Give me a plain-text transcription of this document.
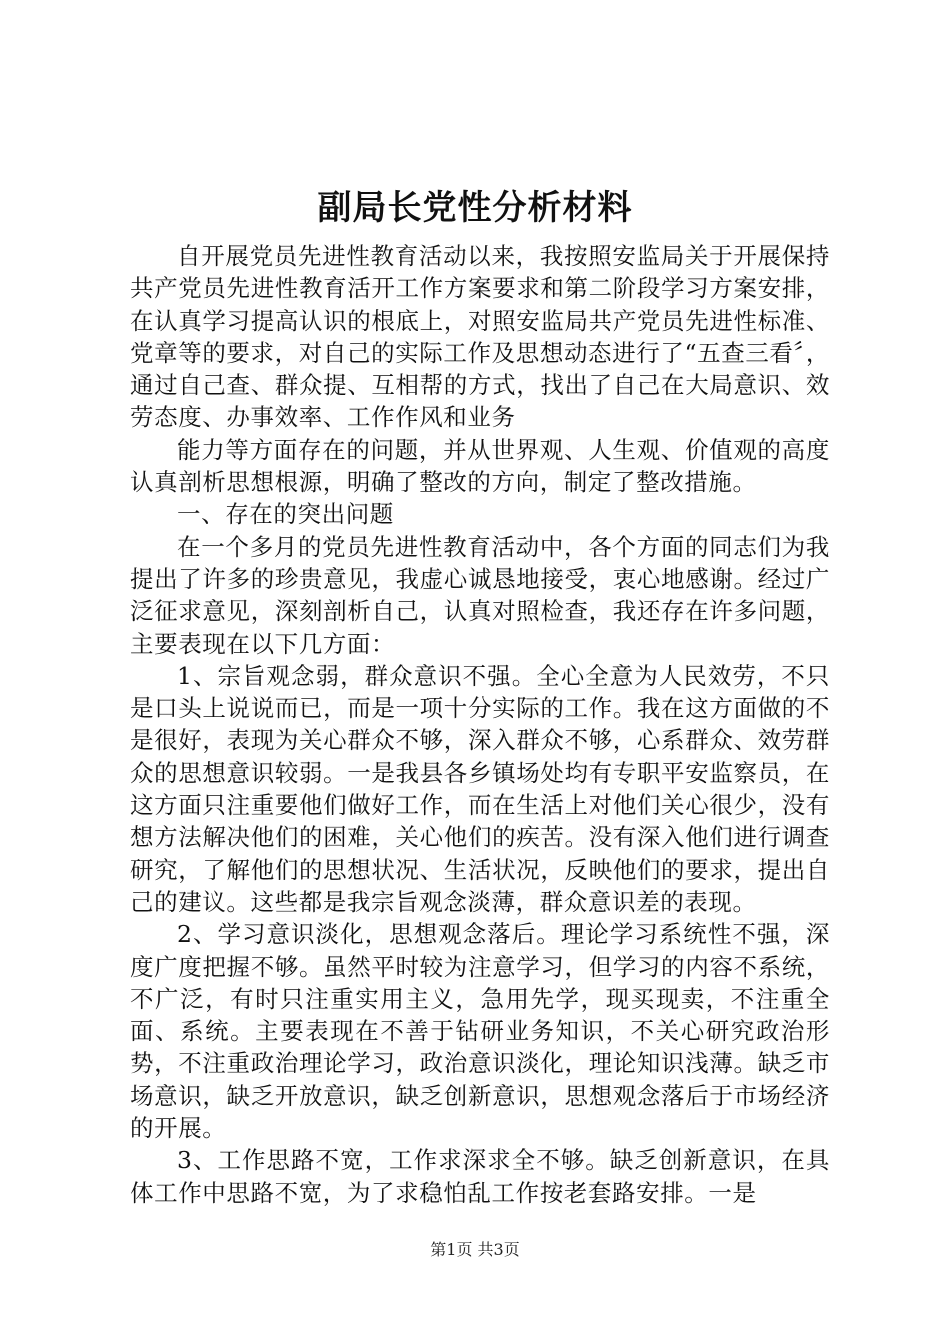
副局长党性分析材料

自开展党员先进性教育活动以来，我按照安监局关于开展保持共产党员先进性教育活开工作方案要求和第二阶段学习方案安排，在认真学习提高认识的根底上，对照安监局共产党员先进性标准、党章等的要求，对自己的实际工作及思想动态进行了“五查三看〞，通过自己查、群众提、互相帮的方式，找出了自己在大局意识、效劳态度、办事效率、工作作风和业务

能力等方面存在的问题，并从世界观、人生观、价值观的高度认真剖析思想根源，明确了整改的方向，制定了整改措施。

一、存在的突出问题

在一个多月的党员先进性教育活动中，各个方面的同志们为我提出了许多的珍贵意见，我虚心诚恳地接受，衷心地感谢。经过广泛征求意见，深刻剖析自己，认真对照检查，我还存在许多问题，主要表现在以下几方面：

1、宗旨观念弱，群众意识不强。全心全意为人民效劳，不只是口头上说说而已，而是一项十分实际的工作。我在这方面做的不是很好，表现为关心群众不够，深入群众不够，心系群众、效劳群众的思想意识较弱。一是我县各乡镇场处均有专职平安监察员，在这方面只注重要他们做好工作，而在生活上对他们关心很少，没有想方法解决他们的困难，关心他们的疾苦。没有深入他们进行调查研究，了解他们的思想状况、生活状况，反映他们的要求，提出自己的建议。这些都是我宗旨观念淡薄，群众意识差的表现。

2、学习意识淡化，思想观念落后。理论学习系统性不强，深度广度把握不够。虽然平时较为注意学习，但学习的内容不系统，不广泛，有时只注重实用主义，急用先学，现买现卖，不注重全面、系统。主要表现在不善于钻研业务知识，不关心研究政治形势，不注重政治理论学习，政治意识淡化，理论知识浅薄。缺乏市场意识，缺乏开放意识，缺乏创新意识，思想观念落后于市场经济的开展。

3、工作思路不宽，工作求深求全不够。缺乏创新意识，在具体工作中思路不宽，为了求稳怕乱工作按老套路安排。一是

第1页 共3页
